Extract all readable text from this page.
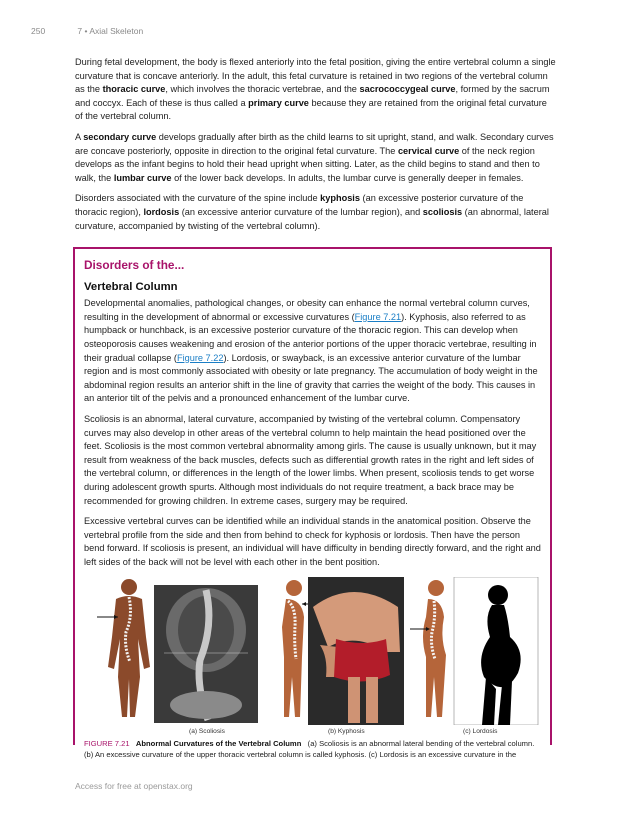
250	7 • Axial Skeleton

During fetal development, the body is flexed anteriorly into the fetal position, giving the entire vertebral column a single curvature that is concave anteriorly. In the adult, this fetal curvature is retained in two regions of the vertebral column as the thoracic curve, which involves the thoracic vertebrae, and the sacrococcygeal curve, formed by the sacrum and coccyx. Each of these is thus called a primary curve because they are retained from the original fetal curvature of the vertebral column.

A secondary curve develops gradually after birth as the child learns to sit upright, stand, and walk. Secondary curves are concave posteriorly, opposite in direction to the original fetal curvature. The cervical curve of the neck region develops as the infant begins to hold their head upright when sitting. Later, as the child begins to stand and then to walk, the lumbar curve of the lower back develops. In adults, the lumbar curve is generally deeper in females.

Disorders associated with the curvature of the spine include kyphosis (an excessive posterior curvature of the thoracic region), lordosis (an excessive anterior curvature of the lumbar region), and scoliosis (an abnormal, lateral curvature, accompanied by twisting of the vertebral column).

Disorders of the...
Vertebral Column

Developmental anomalies, pathological changes, or obesity can enhance the normal vertebral column curves, resulting in the development of abnormal or excessive curvatures (Figure 7.21). Kyphosis, also referred to as humpback or hunchback, is an excessive posterior curvature of the thoracic region. This can develop when osteoporosis causes weakening and erosion of the anterior portions of the upper thoracic vertebrae, resulting in their gradual collapse (Figure 7.22). Lordosis, or swayback, is an excessive anterior curvature of the lumbar region and is most commonly associated with obesity or late pregnancy. The accumulation of body weight in the abdominal region results an anterior shift in the line of gravity that carries the weight of the body. This causes in an anterior tilt of the pelvis and a pronounced enhancement of the lumbar curve.

Scoliosis is an abnormal, lateral curvature, accompanied by twisting of the vertebral column. Compensatory curves may also develop in other areas of the vertebral column to help maintain the head positioned over the feet. Scoliosis is the most common vertebral abnormality among girls. The cause is usually unknown, but it may result from weakness of the back muscles, defects such as differential growth rates in the right and left sides of the vertebral column, or differences in the length of the lower limbs. When present, scoliosis tends to get worse during adolescent growth spurts. Although most individuals do not require treatment, a back brace may be recommended for growing children. In extreme cases, surgery may be required.

Excessive vertebral curves can be identified while an individual stands in the anatomical position. Observe the vertebral profile from the side and then from behind to check for kyphosis or lordosis. Then have the person bend forward. If scoliosis is present, an individual will have difficulty in bending directly forward, and the right and left sides of the back will not be level with each other in the bent position.

(a) Scoliosis	(b) Kyphosis	(c) Lordosis
FIGURE 7.21 Abnormal Curvatures of the Vertebral Column (a) Scoliosis is an abnormal lateral bending of the vertebral column. (b) An excessive curvature of the upper thoracic vertebral column is called kyphosis. (c) Lordosis is an excessive curvature in the
Access for free at openstax.org
